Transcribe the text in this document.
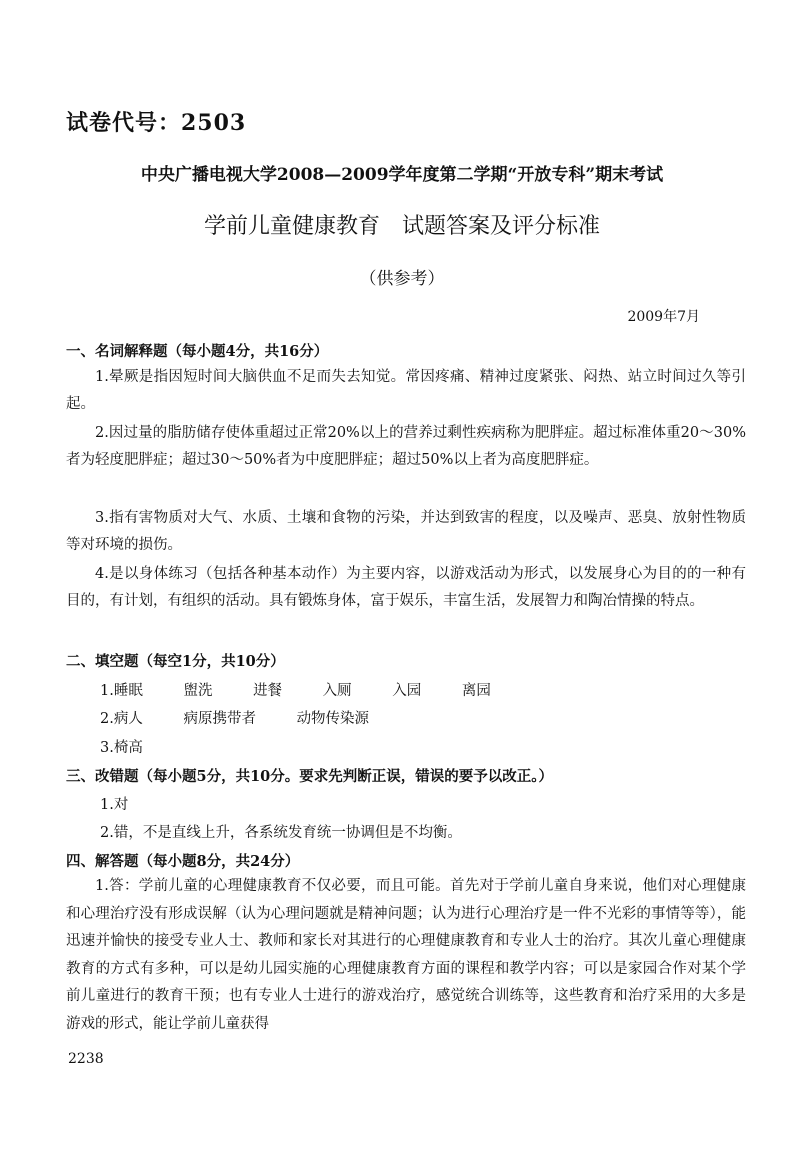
试卷代号：2503
中央广播电视大学2008—2009学年度第二学期“开放专科”期末考试
学前儿童健康教育　试题答案及评分标准
（供参考）
2009年7月
一、名词解释题（每小题4分，共16分）
1.晕厥是指因短时间大脑供血不足而失去知觉。常因疼痛、精神过度紧张、闷热、站立时间过久等引起。
2.因过量的脂肪储存使体重超过正常20%以上的营养过剩性疾病称为肥胖症。超过标准体重20～30%者为轻度肥胖症；超过30～50%者为中度肥胖症；超过50%以上者为高度肥胖症。
3.指有害物质对大气、水质、土壤和食物的污染，并达到致害的程度，以及噪声、恶臭、放射性物质等对环境的损伤。
4.是以身体练习（包括各种基本动作）为主要内容，以游戏活动为形式，以发展身心为目的的一种有目的，有计划，有组织的活动。具有锻炼身体，富于娱乐，丰富生活，发展智力和陶冶情操的特点。
二、填空题（每空1分，共10分）
1.睡眠	盥洗	进餐	入厕	入园	离园
2.病人	病原携带者	动物传染源
3.椅高
三、改错题（每小题5分，共10分。要求先判断正误，错误的要予以改正。）
1.对
2.错，不是直线上升，各系统发育统一协调但是不均衡。
四、解答题（每小题8分，共24分）
1.答：学前儿童的心理健康教育不仅必要，而且可能。首先对于学前儿童自身来说，他们对心理健康和心理治疗没有形成误解（认为心理问题就是精神问题；认为进行心理治疗是一件不光彩的事情等等），能迅速并愉快的接受专业人士、教师和家长对其进行的心理健康教育和专业人士的治疗。其次儿童心理健康教育的方式有多种，可以是幼儿园实施的心理健康教育方面的课程和教学内容；可以是家园合作对某个学前儿童进行的教育干预；也有专业人士进行的游戏治疗，感觉统合训练等，这些教育和治疗采用的大多是游戏的形式，能让学前儿童获得
2238
